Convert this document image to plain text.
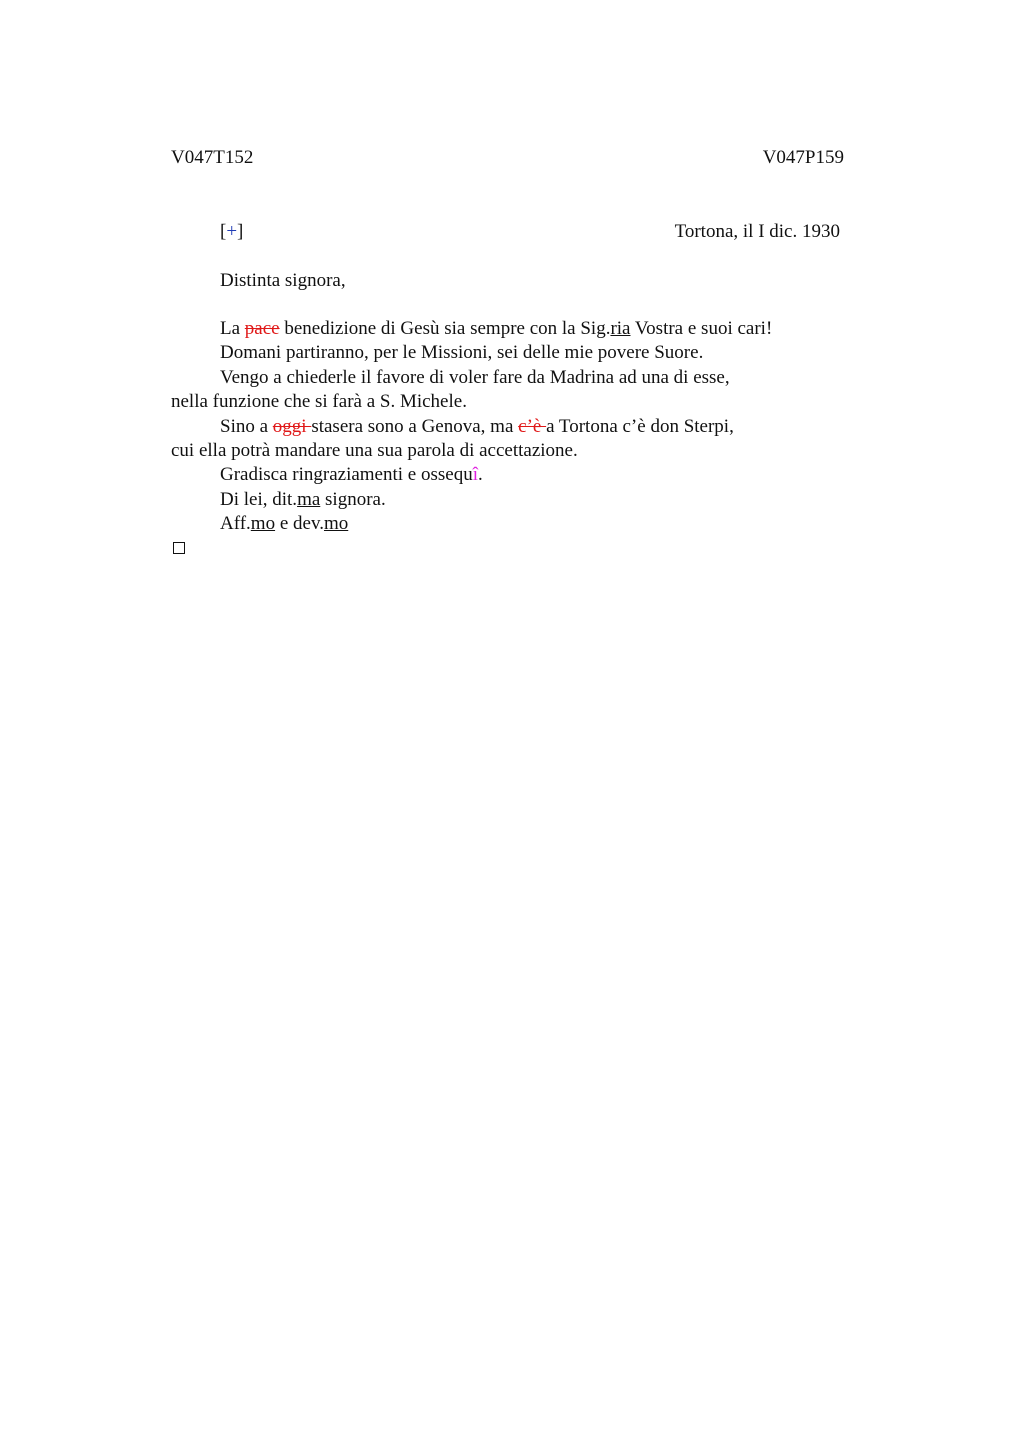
V047T152	V047P159
[+]	Tortona, il I dic. 1930
Distinta signora,
La pace benedizione di Gesù sia sempre con la Sig.ria Vostra e suoi cari!
Domani partiranno, per le Missioni, sei delle mie povere Suore.
Vengo a chiederle il favore di voler fare da Madrina ad una di esse,
nella funzione che si farà a S. Michele.
Sino a oggi stasera sono a Genova, ma c’è a Tortona c’è don Sterpi,
cui ella potrà mandare una sua parola di accettazione.
Gradisca ringraziamenti e ossequî.
Di lei, dit.ma signora.
Aff.mo e dev.mo
